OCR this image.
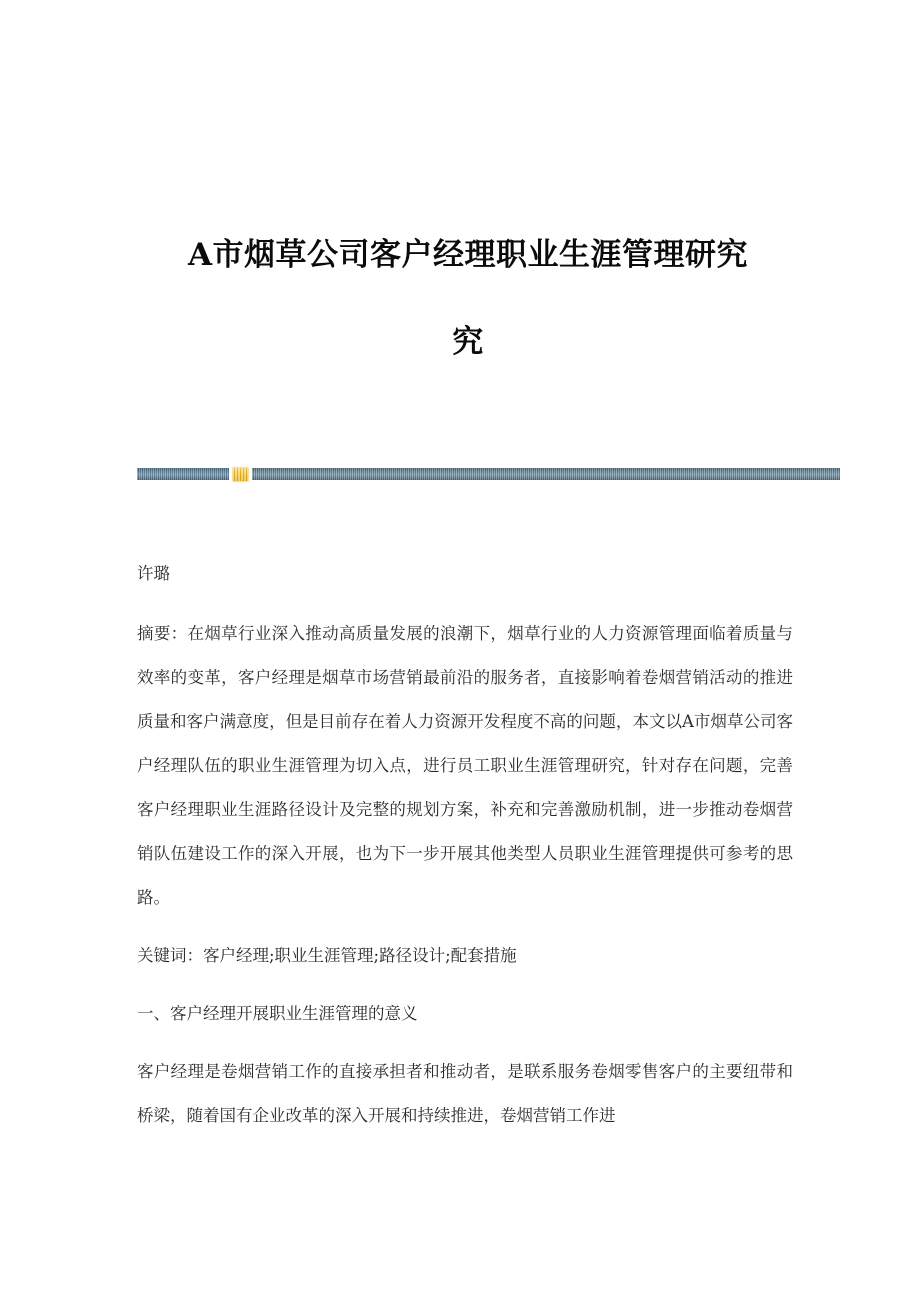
A市烟草公司客户经理职业生涯管理研究
究

许璐

摘要：在烟草行业深入推动高质量发展的浪潮下，烟草行业的人力资源管理面临着质量与效率的变革，客户经理是烟草市场营销最前沿的服务者，直接影响着卷烟营销活动的推进质量和客户满意度，但是目前存在着人力资源开发程度不高的问题，本文以A市烟草公司客户经理队伍的职业生涯管理为切入点，进行员工职业生涯管理研究，针对存在问题，完善客户经理职业生涯路径设计及完整的规划方案，补充和完善激励机制，进一步推动卷烟营销队伍建设工作的深入开展，也为下一步开展其他类型人员职业生涯管理提供可参考的思路。

关键词：客户经理;职业生涯管理;路径设计;配套措施

一、客户经理开展职业生涯管理的意义

客户经理是卷烟营销工作的直接承担者和推动者，是联系服务卷烟零售客户的主要纽带和桥梁，随着国有企业改革的深入开展和持续推进，卷烟营销工作进
